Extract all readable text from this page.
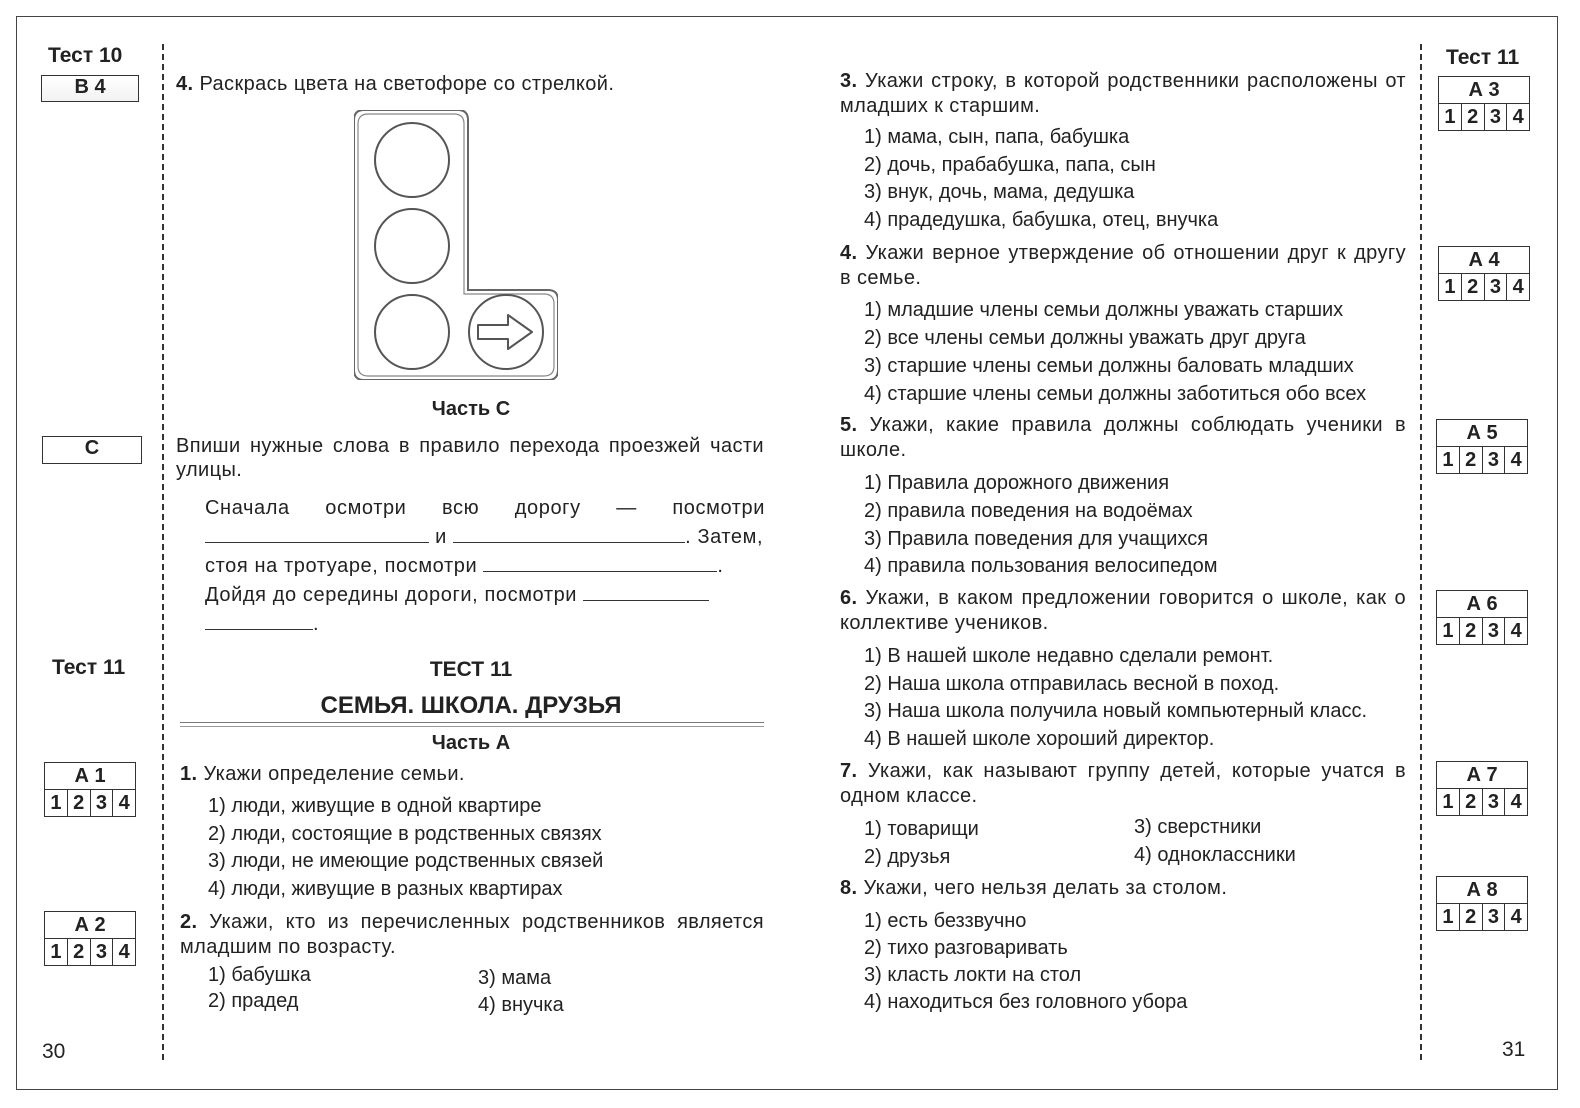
Тест 10
В 4
С
Тест 11
А 1
1 2 3 4
А 2
1 2 3 4
30
4. Раскрась цвета на светофоре со стрелкой.
Часть С
Впиши нужные слова в правило перехода проезжей части улицы.
Сначала осмотри всю дорогу — посмотри
и	. Затем,
стоя на тротуаре, посмотри	.
Дойдя до середины дороги, посмотри
.
ТЕСТ 11
СЕМЬЯ. ШКОЛА. ДРУЗЬЯ
Часть А
1. Укажи определение семьи.
1) люди, живущие в одной квартире
2) люди, состоящие в родственных связях
3) люди, не имеющие родственных связей
4) люди, живущие в разных квартирах
2. Укажи, кто из перечисленных родственников является младшим по возрасту.
1) бабушка
2) прадед
3) мама
4) внучка
3. Укажи строку, в которой родственники расположены от младших к старшим.
1) мама, сын, папа, бабушка
2) дочь, прабабушка, папа, сын
3) внук, дочь, мама, дедушка
4) прадедушка, бабушка, отец, внучка
4. Укажи верное утверждение об отношении друг к другу в семье.
1) младшие члены семьи должны уважать старших
2) все члены семьи должны уважать друг друга
3) старшие члены семьи должны баловать младших
4) старшие члены семьи должны заботиться обо всех
5. Укажи, какие правила должны соблюдать ученики в школе.
1) Правила дорожного движения
2) правила поведения на водоёмах
3) Правила поведения для учащихся
4) правила пользования велосипедом
6. Укажи, в каком предложении говорится о школе, как о коллективе учеников.
1) В нашей школе недавно сделали ремонт.
2) Наша школа отправилась весной в поход.
3) Наша школа получила новый компьютерный класс.
4) В нашей школе хороший директор.
7. Укажи, как называют группу детей, которые учатся в одном классе.
1) товарищи
2) друзья
3) сверстники
4) одноклассники
8. Укажи, чего нельзя делать за столом.
1) есть беззвучно
2) тихо разговаривать
3) класть локти на стол
4) находиться без головного убора
Тест 11
А 3
1 2 3 4
А 4
1 2 3 4
А 5
1 2 3 4
А 6
1 2 3 4
А 7
1 2 3 4
А 8
1 2 3 4
31
